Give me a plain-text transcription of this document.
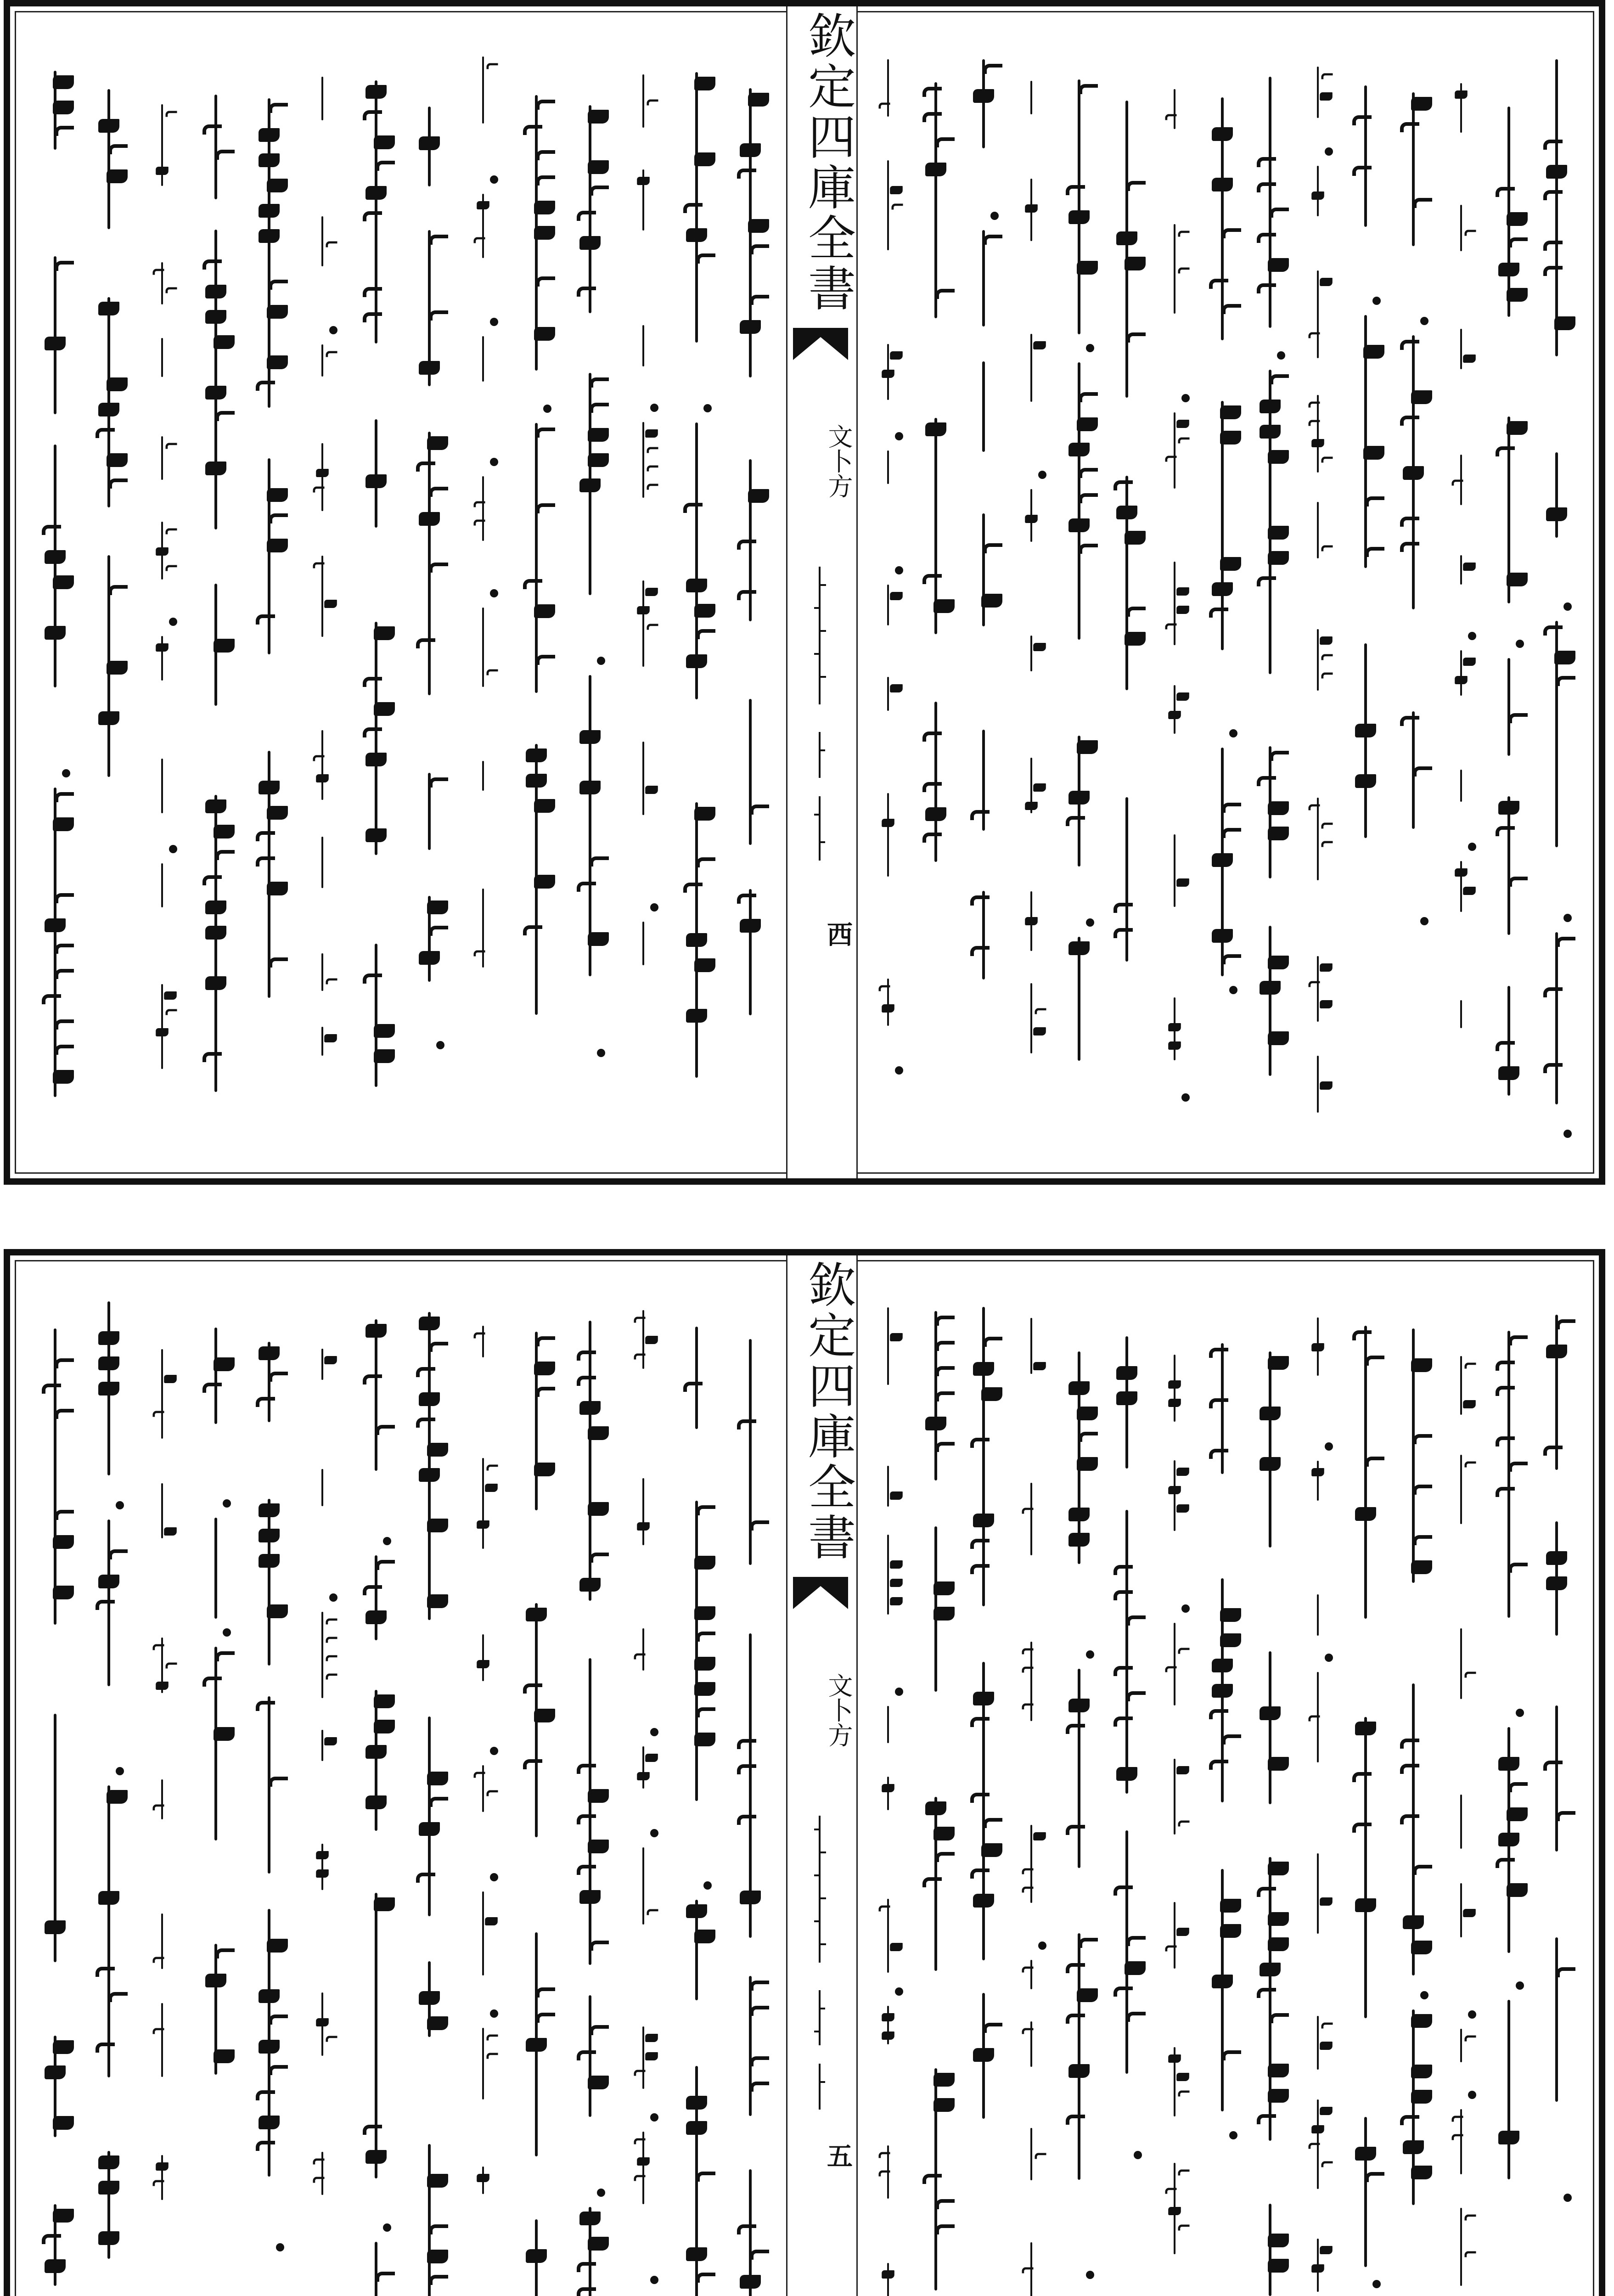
欽定四庫全書
文卜方
西
欽定四庫全書
文卜方
五
